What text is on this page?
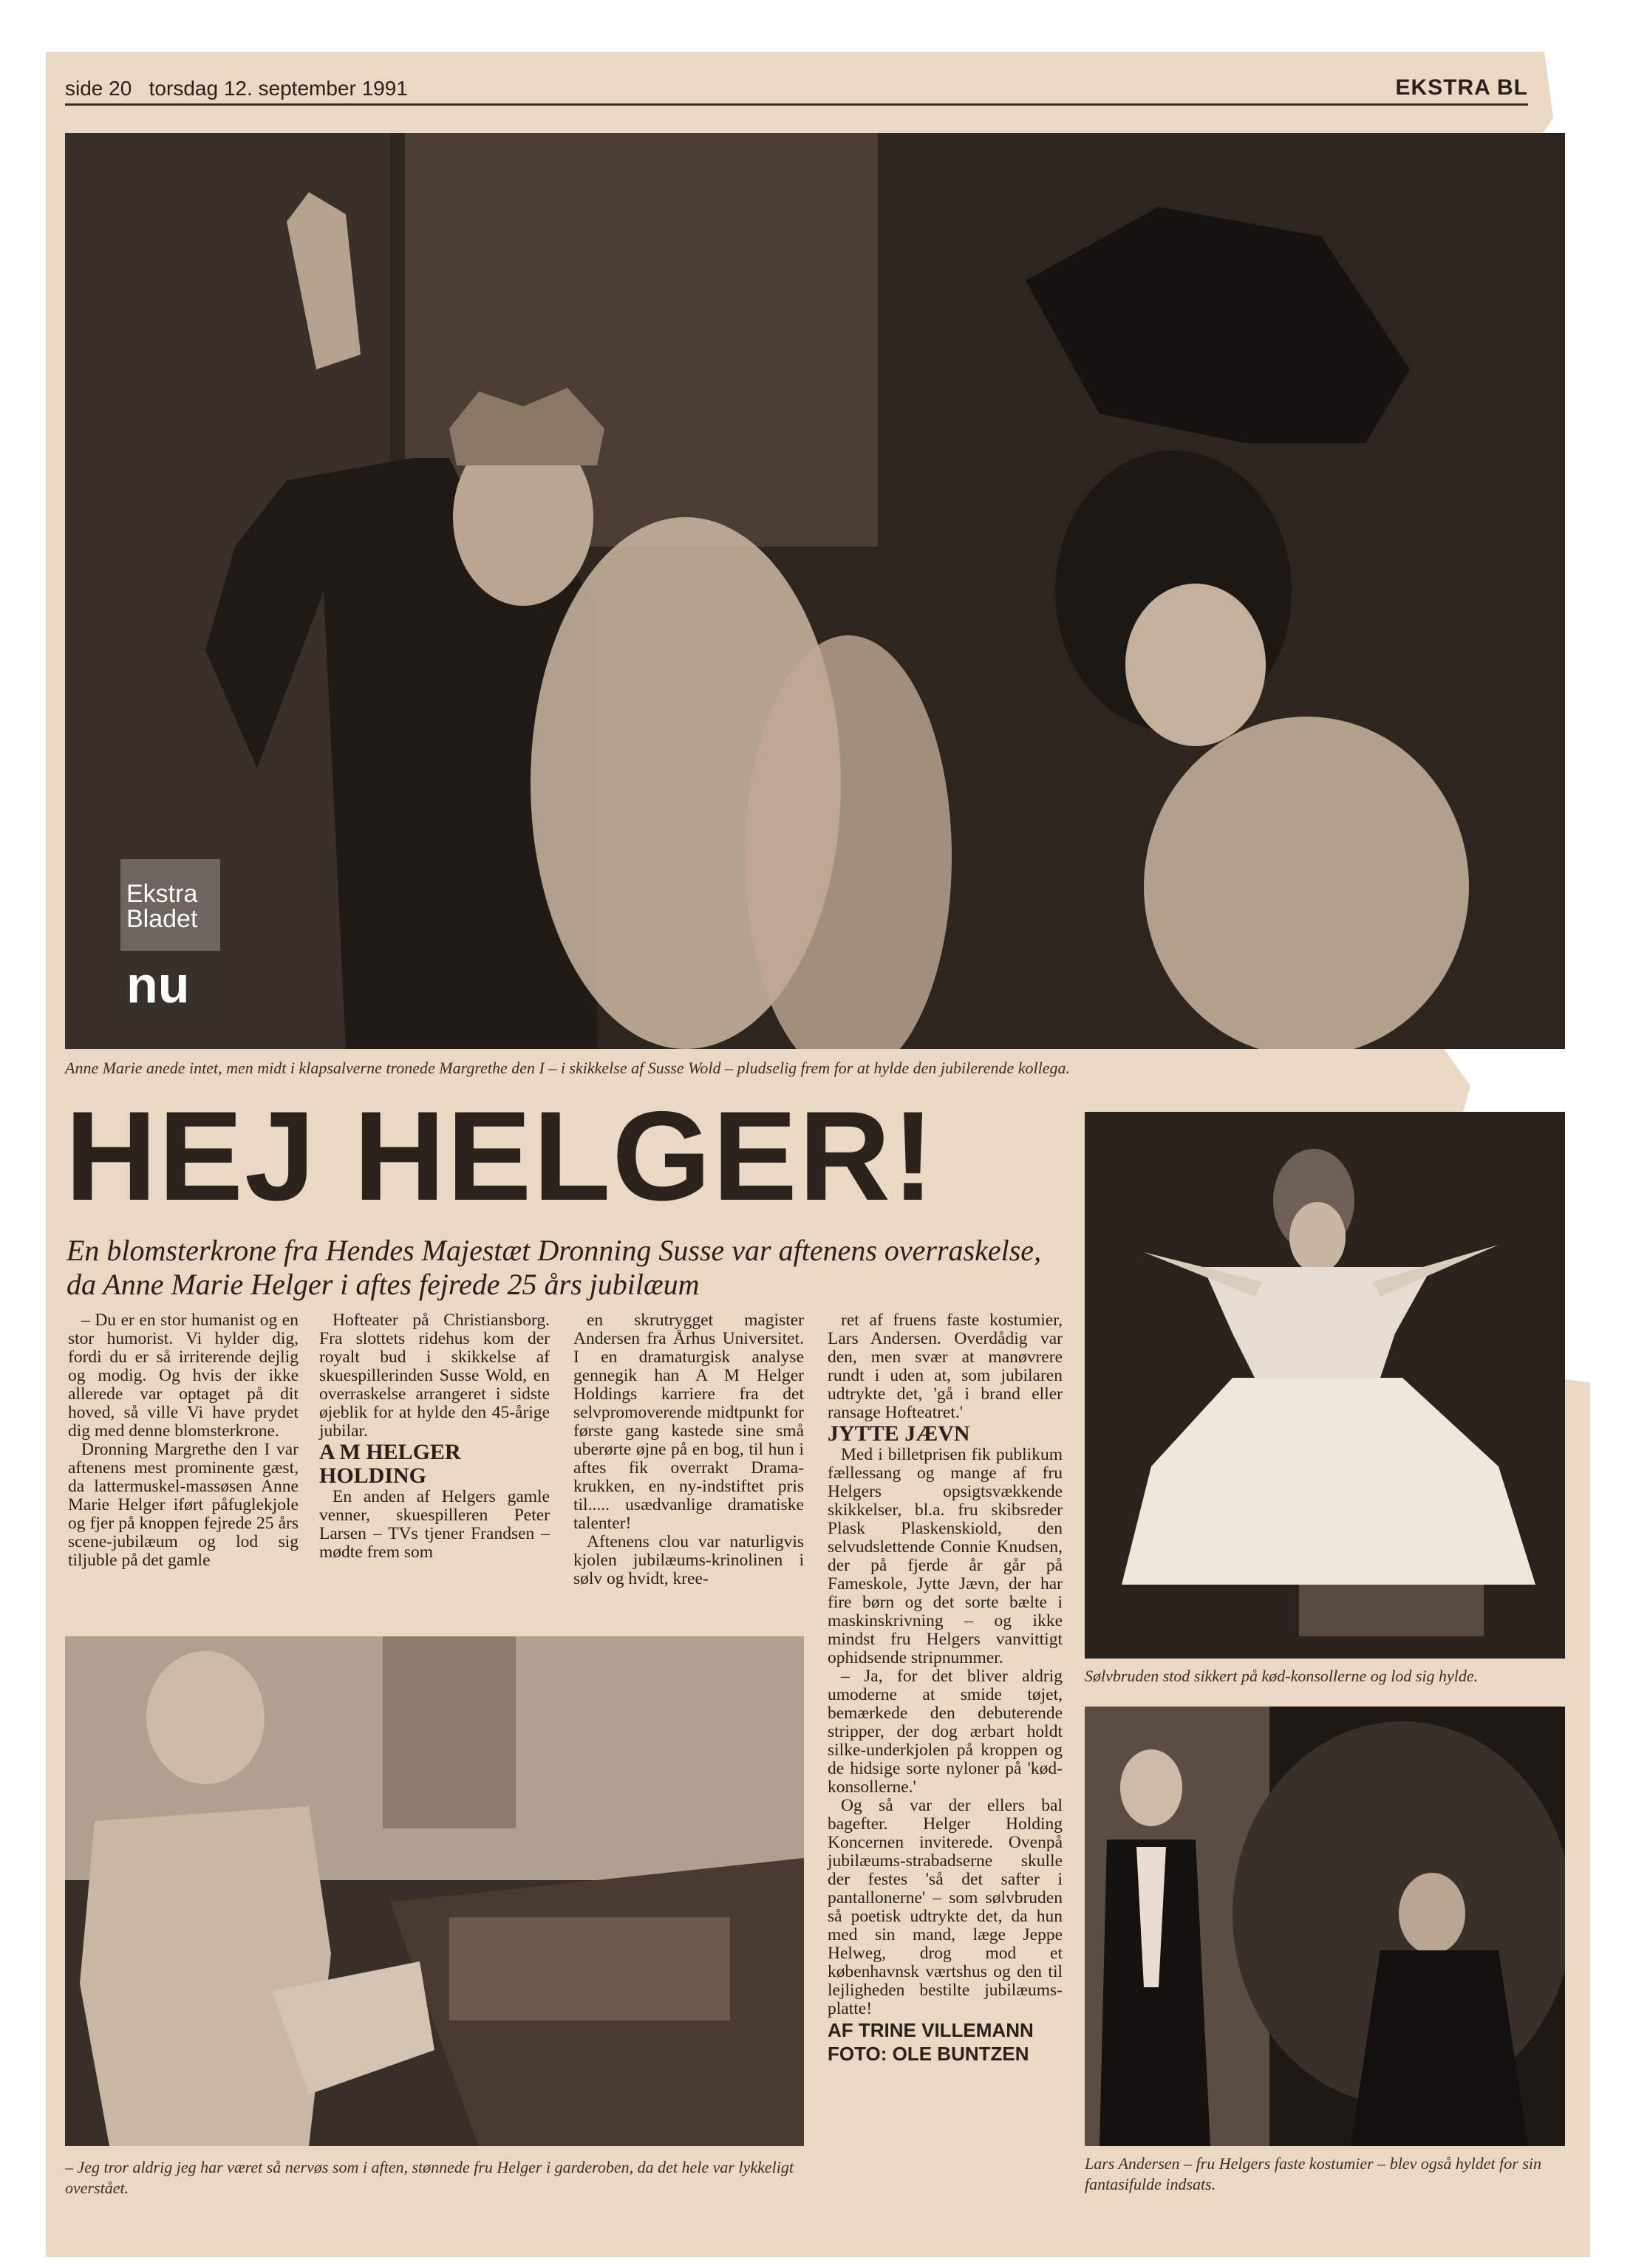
side 20 torsdag 12. september 1991	EKSTRA BL
Ekstra
Bladet
nu
Anne Marie anede intet, men midt i klapsalverne tronede Margrethe den I – i skikkelse af Susse Wold – pludselig frem for at hylde den jubilerende kollega.
HEJ HELGER!
En blomsterkrone fra Hendes Majestæt Dronning Susse var aftenens overraskelse, da Anne Marie Helger i aftes fejrede 25 års jubilæum
Sølvbruden stod sikkert på kød-konsollerne og lod sig hylde.
Lars Andersen – fru Helgers faste kostumier – blev også hyldet for sin fantasifulde indsats.
– Jeg tror aldrig jeg har været så nervøs som i aften, stønnede fru Helger i garderoben, da det hele var lykkeligt overstået.

– Du er en stor humanist og en stor humorist. Vi hylder dig, fordi du er så irriterende dejlig og modig. Og hvis der ikke allerede var optaget på dit hoved, så ville Vi have prydet dig med denne blomsterkrone.

Dronning Margrethe den I var aftenens mest prominente gæst, da lattermuskel-massøsen Anne Marie Helger iført påfuglekjole og fjer på knoppen fejrede 25 års scene-jubilæum og lod sig tiljuble på det gamle

Hofteater på Christiansborg. Fra slottets ridehus kom der royalt bud i skikkelse af skuespillerinden Susse Wold, en overraskelse arrangeret i sidste øjeblik for at hylde den 45-årige jubilar.

A M HELGER HOLDING

En anden af Helgers gamle venner, skuespilleren Peter Larsen – TVs tjener Frandsen – mødte frem som

en skrutrygget magister Andersen fra Århus Universitet. I en dramaturgisk analyse gennegik han A M Helger Holdings karriere fra det selvpromoverende midtpunkt for første gang kastede sine små uberørte øjne på en bog, til hun i aftes fik overrakt Drama-krukken, en ny-indstiftet pris til..... usædvanlige dramatiske talenter!

Aftenens clou var naturligvis kjolen jubilæums-krinolinen i sølv og hvidt, kree-

ret af fruens faste kostumier, Lars Andersen. Overdådig var den, men svær at manøvrere rundt i uden at, som jubilaren udtrykte det, 'gå i brand eller ransage Hofteatret.'

JYTTE JÆVN

Med i billetprisen fik publikum fællessang og mange af fru Helgers opsigtsvækkende skikkelser, bl.a. fru skibsreder Plask Plaskenskiold, den selvudslettende Connie Knudsen, der på fjerde år går på Fameskole, Jytte Jævn, der har fire børn og det sorte bælte i maskinskrivning – og ikke mindst fru Helgers vanvittigt ophidsende stripnummer.

– Ja, for det bliver aldrig umoderne at smide tøjet, bemærkede den debuterende stripper, der dog ærbart holdt silke-underkjolen på kroppen og de hidsige sorte nyloner på 'kød-konsollerne.'

Og så var der ellers bal bagefter. Helger Holding Koncernen inviterede. Ovenpå jubilæums-strabadserne skulle der festes 'så det safter i pantallonerne' – som sølvbruden så poetisk udtrykte det, da hun med sin mand, læge Jeppe Helweg, drog mod et københavnsk værtshus og den til lejligheden bestilte jubilæums-platte!

AF TRINE VILLEMANN
FOTO: OLE BUNTZEN
